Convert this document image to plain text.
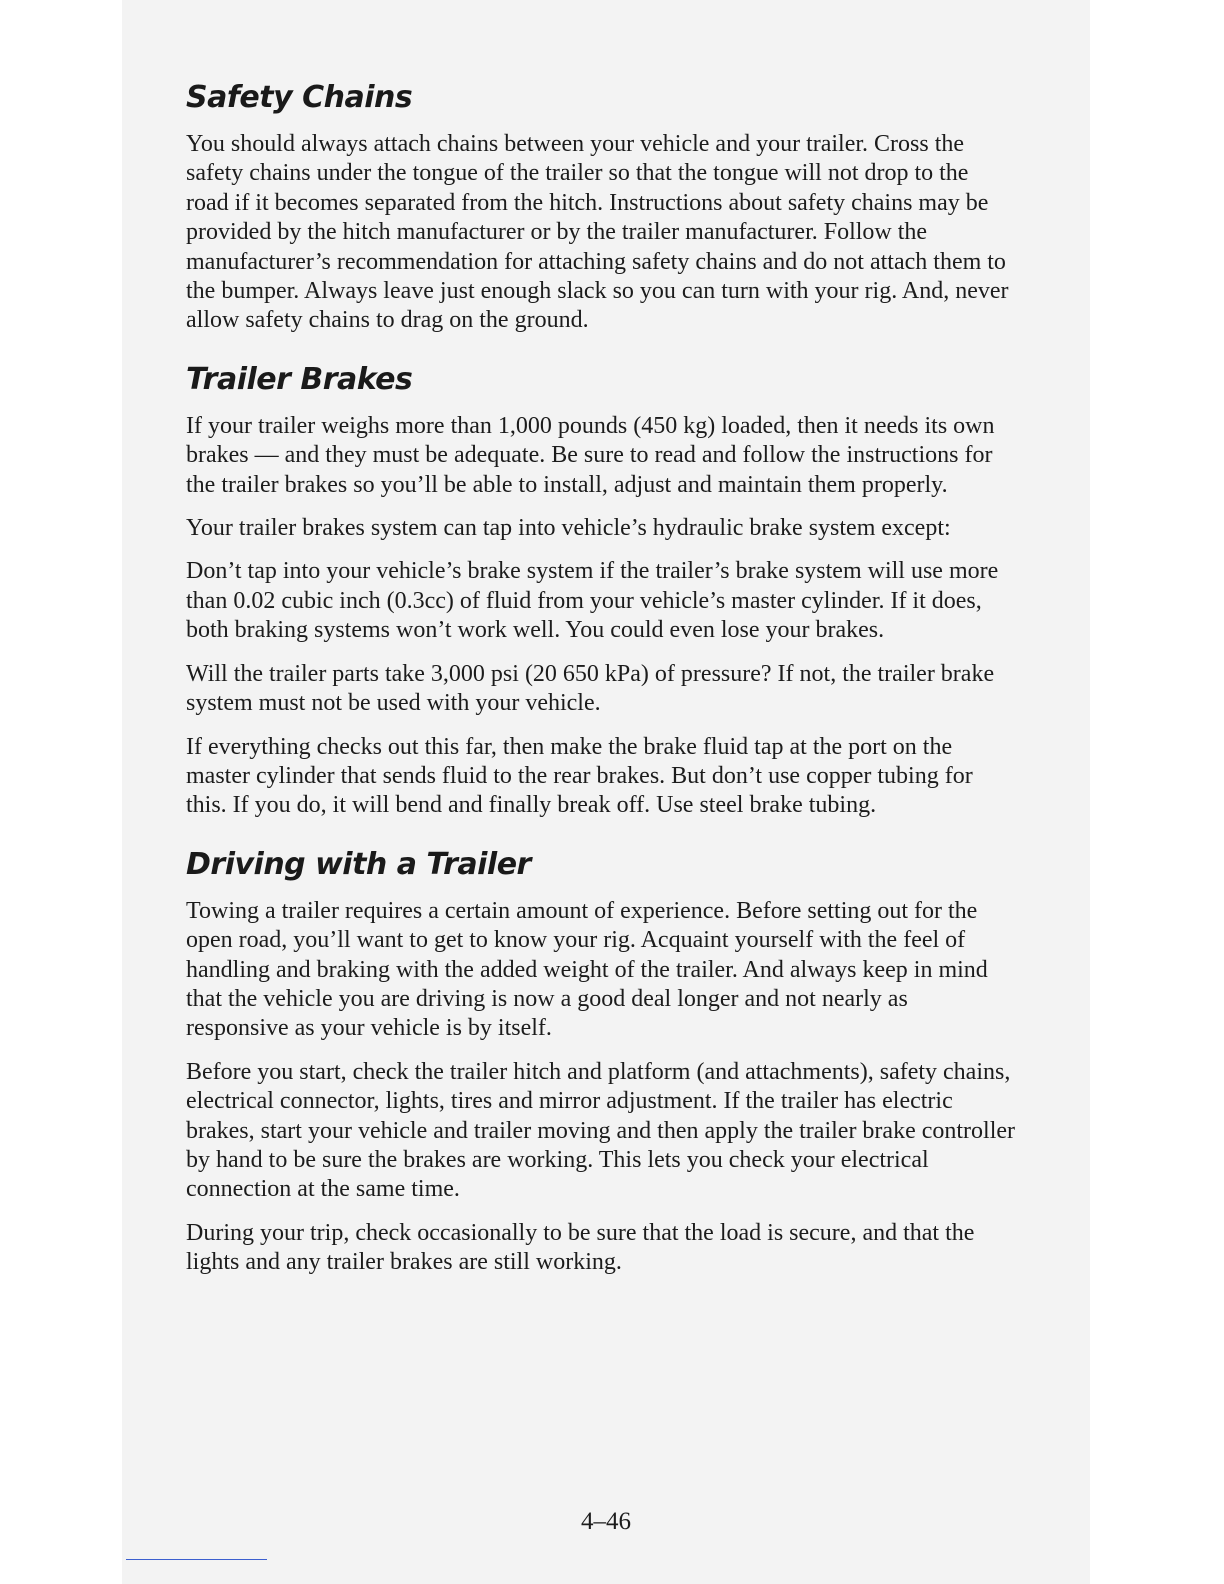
Safety Chains

You should always attach chains between your vehicle and your trailer. Cross the safety chains under the tongue of the trailer so that the tongue will not drop to the road if it becomes separated from the hitch. Instructions about safety chains may be provided by the hitch manufacturer or by the trailer manufacturer. Follow the manufacturer’s recommendation for attaching safety chains and do not attach them to the bumper. Always leave just enough slack so you can turn with your rig. And, never allow safety chains to drag on the ground.

Trailer Brakes

If your trailer weighs more than 1,000 pounds (450 kg) loaded, then it needs its own brakes — and they must be adequate. Be sure to read and follow the instructions for the trailer brakes so you’ll be able to install, adjust and maintain them properly.

Your trailer brakes system can tap into vehicle’s hydraulic brake system except:

Don’t tap into your vehicle’s brake system if the trailer’s brake system will use more than 0.02 cubic inch (0.3cc) of fluid from your vehicle’s master cylinder. If it does, both braking systems won’t work well. You could even lose your brakes.

Will the trailer parts take 3,000 psi (20 650 kPa) of pressure? If not, the trailer brake system must not be used with your vehicle.

If everything checks out this far, then make the brake fluid tap at the port on the master cylinder that sends fluid to the rear brakes. But don’t use copper tubing for this. If you do, it will bend and finally break off. Use steel brake tubing.

Driving with a Trailer

Towing a trailer requires a certain amount of experience. Before setting out for the open road, you’ll want to get to know your rig. Acquaint yourself with the feel of handling and braking with the added weight of the trailer. And always keep in mind that the vehicle you are driving is now a good deal longer and not nearly as responsive as your vehicle is by itself.

Before you start, check the trailer hitch and platform (and attachments), safety chains, electrical connector, lights, tires and mirror adjustment. If the trailer has electric brakes, start your vehicle and trailer moving and then apply the trailer brake controller by hand to be sure the brakes are working. This lets you check your electrical connection at the same time.

During your trip, check occasionally to be sure that the load is secure, and that the lights and any trailer brakes are still working.

4–46
